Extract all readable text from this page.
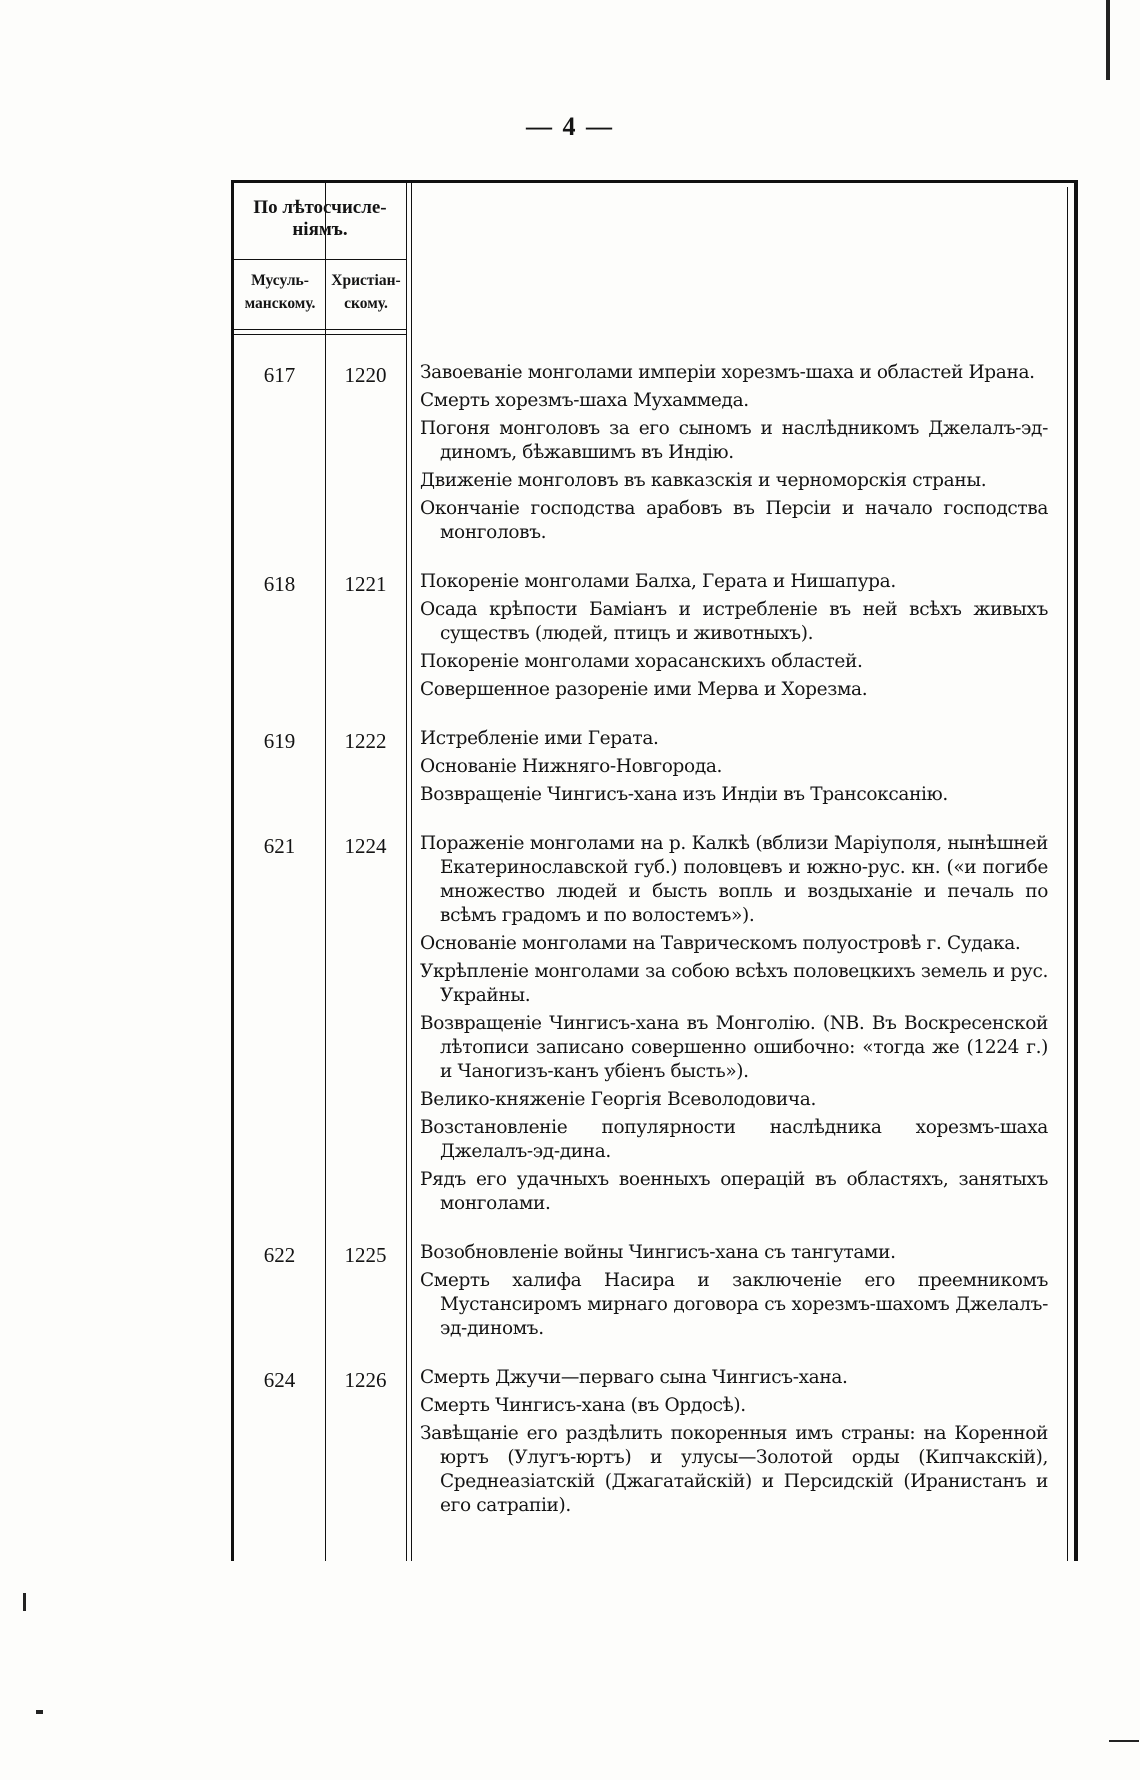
— 4 —
По лѣтосчисле-ніямъ.
Мусуль-манскому.
Христіан-скому.
617	1220	Завоеваніе монголами имперіи хорезмъ-шаха и областей Ирана.
Смерть хорезмъ-шаха Мухаммеда.
Погоня монголовъ за его сыномъ и наслѣдникомъ Джелалъ-эд-диномъ, бѣжавшимъ въ Индію.
Движеніе монголовъ въ кавказскія и черноморскія страны.
Окончаніе господства арабовъ въ Персіи и начало господства монголовъ.
618	1221	Покореніе монголами Балха, Герата и Нишапура.
Осада крѣпости Баміанъ и истребленіе въ ней всѣхъ живыхъ существъ (людей, птицъ и животныхъ).
Покореніе монголами хорасанскихъ областей.
Совершенное разореніе ими Мерва и Хорезма.
619	1222	Истребленіе ими Герата.
Основаніе Нижняго-Новгорода.
Возвращеніе Чингисъ-хана изъ Индіи въ Трансоксанію.
621	1224	Пораженіе монголами на р. Калкѣ (вблизи Маріуполя, нынѣшней Екатеринославской губ.) половцевъ и южно-рус. кн. («и погибе множество людей и бысть вопль и воздыханіе и печаль по всѣмъ градомъ и по волостемъ»).
Основаніе монголами на Таврическомъ полуостровѣ г. Судака.
Укрѣпленіе монголами за собою всѣхъ половецкихъ земель и рус. Украйны.
Возвращеніе Чингисъ-хана въ Монголію. (NB. Въ Воскресенской лѣтописи записано совершенно ошибочно: «тогда же (1224 г.) и Чаногизъ-канъ убіенъ бысть»).
Велико-княженіе Георгія Всеволодовича.
Возстановленіе популярности наслѣдника хорезмъ-шаха Джелалъ-эд-дина.
Рядъ его удачныхъ военныхъ операцій въ областяхъ, занятыхъ монголами.
622	1225	Возобновленіе войны Чингисъ-хана съ тангутами.
Смерть халифа Насира и заключеніе его преемникомъ Мустансиромъ мирнаго договора съ хорезмъ-шахомъ Джелалъ-эд-диномъ.
624	1226	Смерть Джучи—перваго сына Чингисъ-хана.
Смерть Чингисъ-хана (въ Ордосѣ).
Завѣщаніе его раздѣлить покоренныя имъ страны: на Коренной юртъ (Улугъ-юртъ) и улусы—Золотой орды (Кипчакскій), Среднеазіатскій (Джагатайскій) и Персидскій (Иранистанъ и его сатрапіи).
